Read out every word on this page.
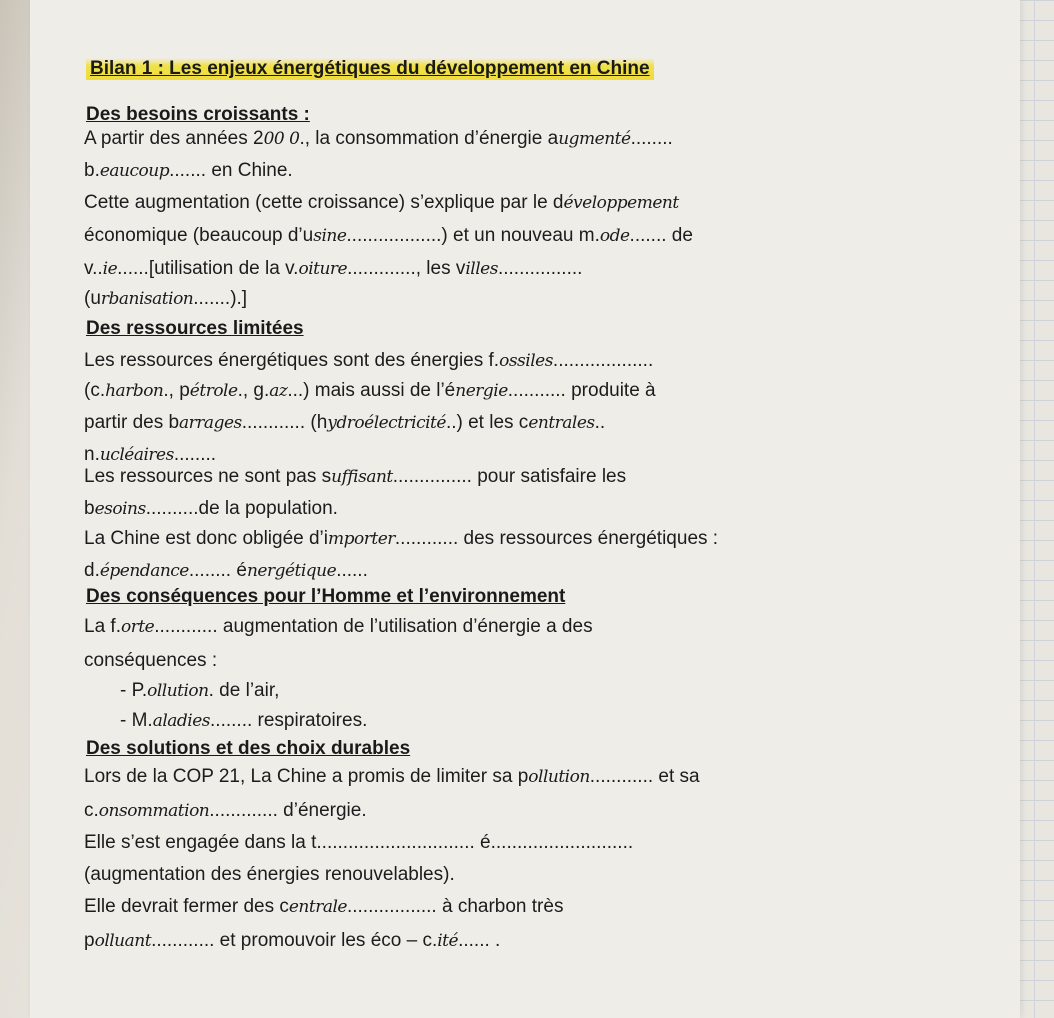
Bilan 1 : Les enjeux énergétiques du développement en Chine
Des besoins croissants :
A partir des années 200 0., la consommation d’énergie augmenté........
b.eaucoup....... en Chine.
Cette augmentation (cette croissance) s’explique par le développement
économique (beaucoup d’usine..................) et un nouveau m.ode....... de
v..ie......[utilisation de la v.oiture............., les villes................
(urbanisation.......).]
Des ressources limitées
Les ressources énergétiques sont des énergies f.ossiles...................
(c.harbon., pétrole., g.az...) mais aussi de l’énergie........... produite à
partir des barrages............ (hydroélectricité..) et les centrales..
n.ucléaires........
Les ressources ne sont pas suffisant............... pour satisfaire les
besoins..........de la population.
La Chine est donc obligée d’importer............ des ressources énergétiques :
d.épendance........ énergétique......
Des conséquences pour l’Homme et l’environnement
La f.orte............ augmentation de l’utilisation d’énergie a des
conséquences :
- P.ollution. de l’air,
- M.aladies........ respiratoires.
Des solutions et des choix durables
Lors de la COP 21, La Chine a promis de limiter sa pollution............ et sa
c.onsommation............. d’énergie.
Elle s’est engagée dans la t.............................. é...........................
(augmentation des énergies renouvelables).
Elle devrait fermer des centrale................. à charbon très
polluant............ et promouvoir les éco – c.ité...... .
